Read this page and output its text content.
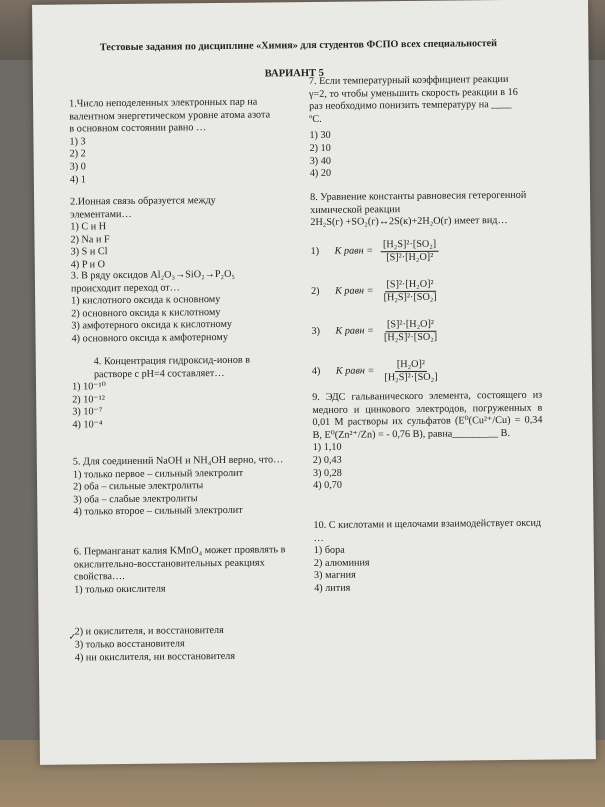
Тестовые задания по дисциплине «Химия» для студентов ФСПО всех специальностей
ВАРИАНТ 5

1.Число неподеленных электронных пар на валентном энергетическом уровне атома азота в основном состоянии равно …

1) 3

2) 2

3) 0

4) 1

2.Ионная связь образуется между элементами…

1) C и H

2) Na и F

3) S и Cl

4) P и O

3. В ряду оксидов Al₂O₃→SiO₂→P₂O₅ происходит переход от…

1) кислотного оксида к основному

2) основного оксида к кислотному

3) амфотерного оксида к кислотному

4) основного оксида к амфотерному

4. Концентрация гидроксид-ионов в растворе с рН=4 составляет…

1) 10⁻¹⁰

2) 10⁻¹²

3) 10⁻⁷

4) 10⁻⁴

5. Для соединений NaOH и NH₄OH верно, что…

1) только первое – сильный электролит

2) оба – сильные электролиты

3) оба – слабые электролиты

4) только второе – сильный электролит

6. Перманганат калия KMnO₄ может проявлять в окислительно-восстановительных реакциях свойства….

1) только окислителя

2) и окислителя, и восстановителя

3) только восстановителя

4) ни окислителя, ни восстановителя

7. Если температурный коэффициент реакции γ=2, то чтобы уменьшить скорость реакции в 16 раз необходимо понизить температуру на ____ ºС.

1) 30

2) 10

3) 40

4) 20

8. Уравнение константы равновесия гетерогенной химической реакции

2H₂S(г) +SO₂(г)↔2S(к)+2H₂O(г) имеет вид…

1)	K равн = $\frac{\text{[H₂S]²·[SO₂]}}{\text{[S]²·[H₂O]²}}$
2)	K равн = $\frac{\text{[S]²·[H₂O]²}}{\text{[H₂S]²·[SO₂]}}$
3)	K равн = $\frac{\text{[S]²·[H₂O]²}}{\text{[H₂S]²·[SO₂]}}$
4)	K равн = $\frac{\text{[H₂O]²}}{\text{[H₂S]²·[SO₂]}}$

9. ЭДС гальванического элемента, состоящего из медного и цинкового электродов, погруженных в 0,01 М растворы их сульфатов (E⁰(Cu²⁺/Cu) = 0,34 В, E⁰(Zn²⁺/Zn) = - 0,76 В), равна_________ В.

1) 1,10

2) 0,43

3) 0,28

4) 0,70

10. С кислотами и щелочами взаимодействует оксид …

1) бора

2) алюминия

3) магния

4) лития

✓
